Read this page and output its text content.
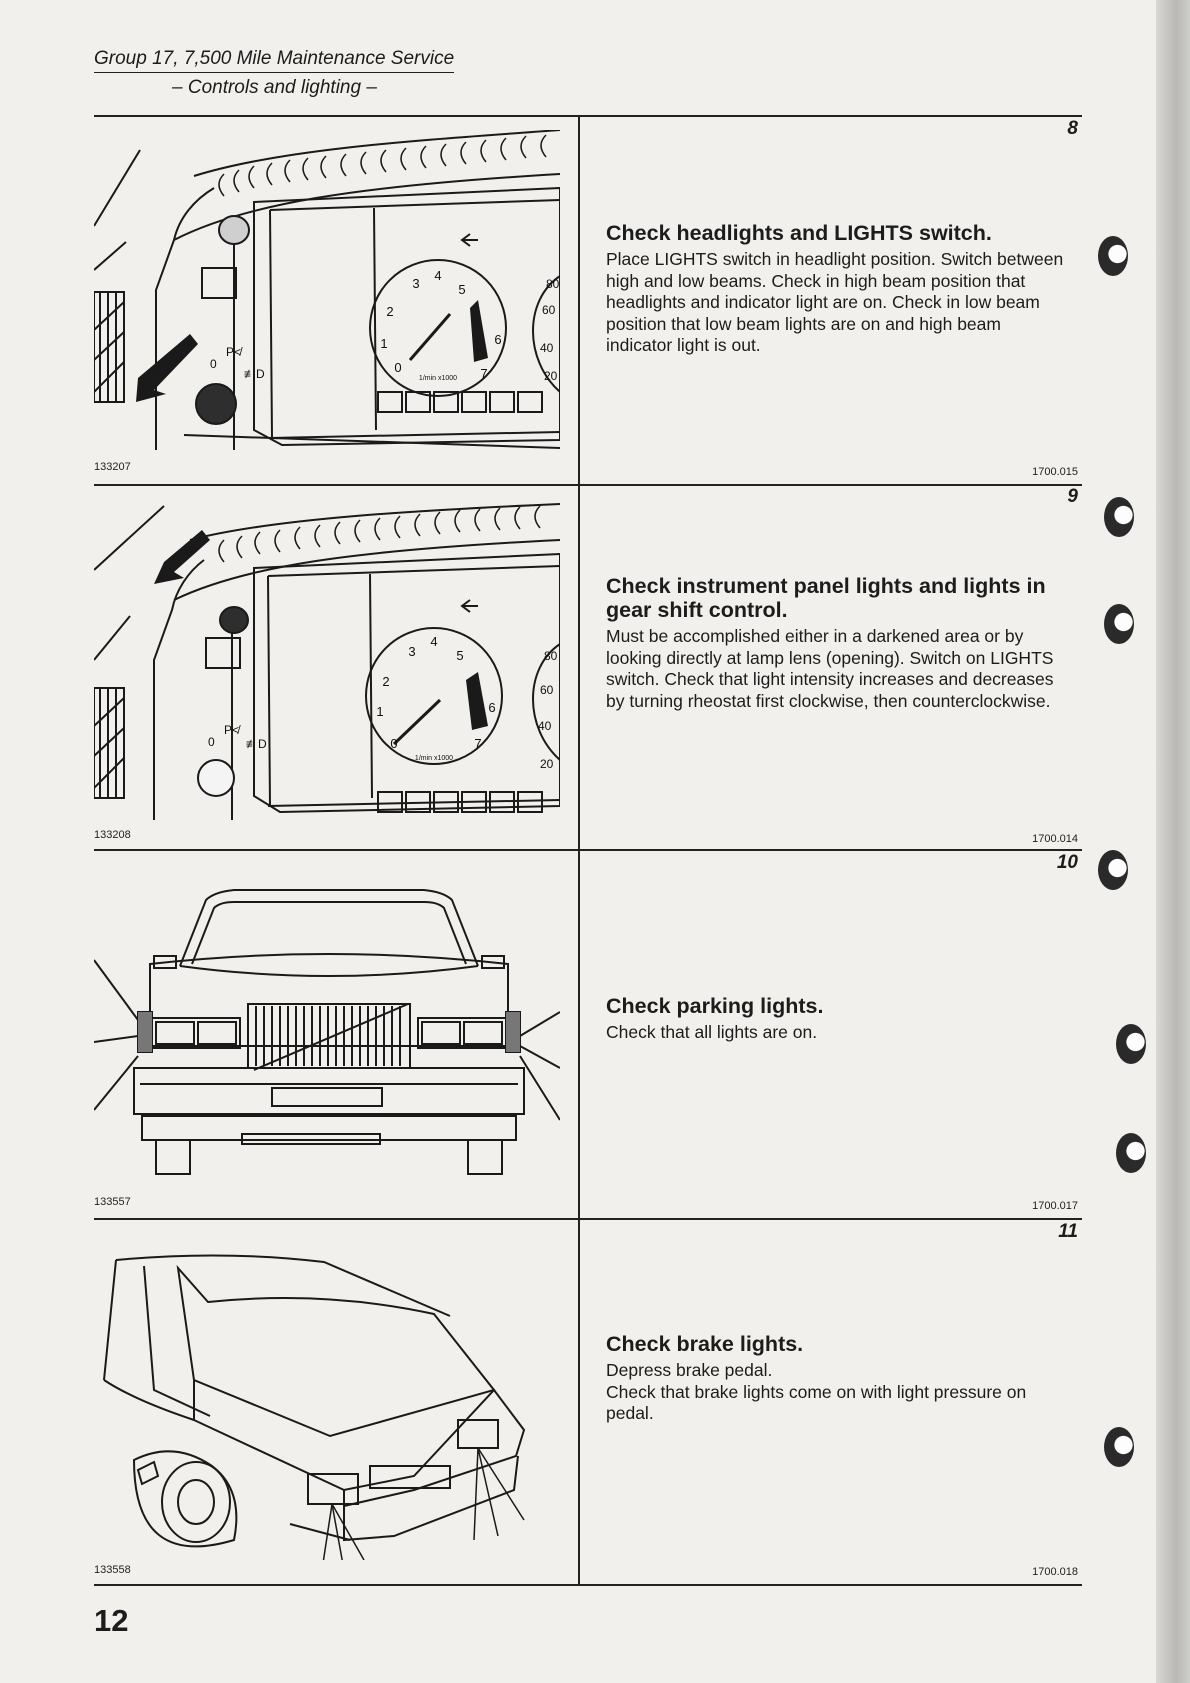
Group 17, 7,500 Mile Maintenance Service
– Controls and lighting –
8
4
3
2
1
0
5
6
7
1/min x1000
80
60
40
20
0
P≮
≢D

Check headlights and LIGHTS switch.

Place LIGHTS switch in headlight position. Switch between high and low beams. Check in high beam position that headlights and indicator light are on. Check in low beam position that low beam lights are on and high beam indicator light is out.

133207	1700.015
9
4
3
2
1
0
5
6
7
1/min x1000
80
60
40
20
0
P≮
≢D

Check instrument panel lights and lights in gear shift control.

Must be accomplished either in a darkened area or by looking directly at lamp lens (opening). Switch on LIGHTS switch. Check that light intensity increases and decreases by turning rheostat first clockwise, then counterclockwise.

133208	1700.014
10

Check parking lights.

Check that all lights are on.

133557	1700.017
11

Check brake lights.

Depress brake pedal.
Check that brake lights come on with light pressure on pedal.

133558	1700.018
12
